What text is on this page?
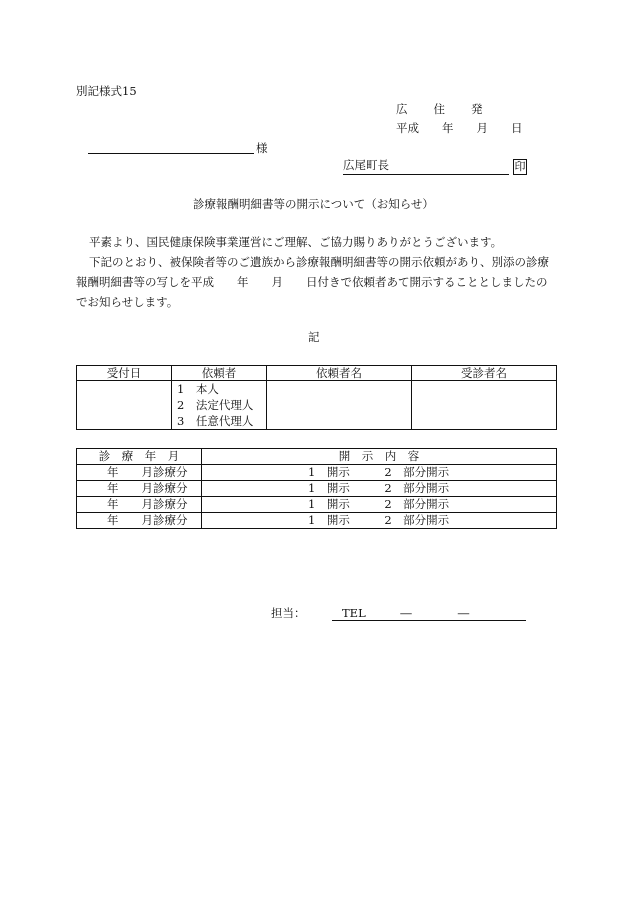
別記様式15
広　　住　　発
平成　　年　　月　　日
様
広尾町長	印
診療報酬明細書等の開示について（お知らせ）

平素より、国民健康保険事業運営にご理解、ご協力賜りありがとうございます。

下記のとおり、被保険者等のご遺族から診療報酬明細書等の開示依頼があり、別添の診療報酬明細書等の写しを平成　　年　　月　　日付きで依頼者あて開示することとしましたのでお知らせします。

記
受付日	依頼者	依頼者名	受診者名

	1　本人
2　法定代理人
3　任意代理人		

診　療　年　月	開　示　内　容
年　　月診療分	1　開示　　　2　部分開示
年　　月診療分	1　開示　　　2　部分開示
年　　月診療分	1　開示　　　2　部分開示
年　　月診療分	1　開示　　　2　部分開示
担当：	TEL　　　―　　　　―
